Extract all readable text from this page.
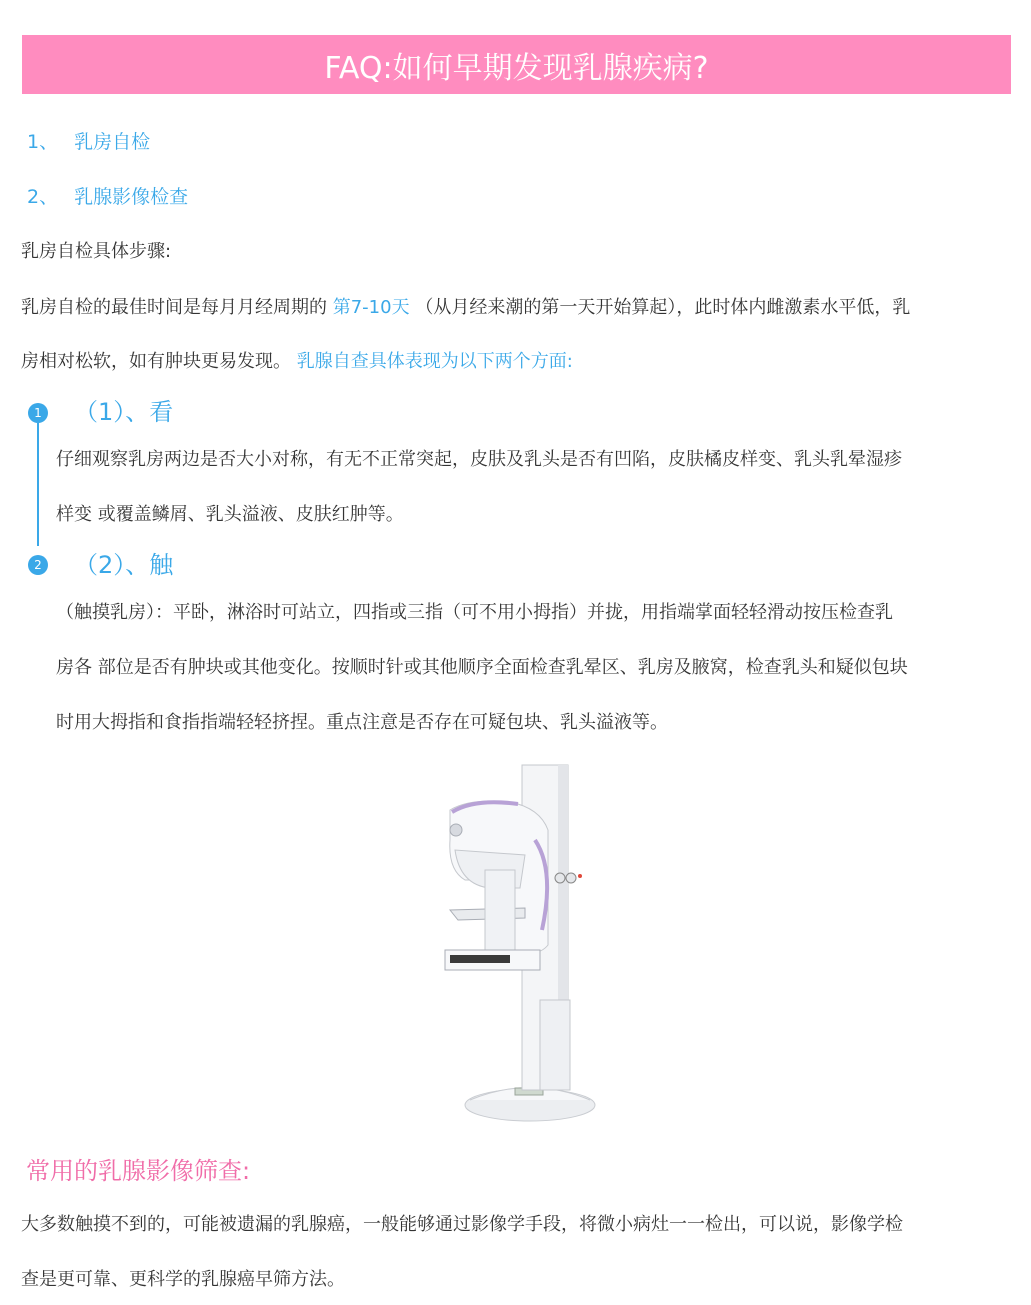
FAQ:如何早期发现乳腺疾病?
1、 乳房自检
2、 乳腺影像检查
乳房自检具体步骤:
乳房自检的最佳时间是每月月经周期的 第7-10天 （从月经来潮的第一天开始算起），此时体内雌激素水平低，乳
房相对松软，如有肿块更易发现。 乳腺自查具体表现为以下两个方面:
1 （1）、看
仔细观察乳房两边是否大小对称，有无不正常突起，皮肤及乳头是否有凹陷，皮肤橘皮样变、乳头乳晕湿疹
样变 或覆盖鳞屑、乳头溢液、皮肤红肿等。
2 （2）、触
（触摸乳房）：平卧，淋浴时可站立，四指或三指（可不用小拇指）并拢，用指端掌面轻轻滑动按压检查乳
房各 部位是否有肿块或其他变化。按顺时针或其他顺序全面检查乳晕区、乳房及腋窝，检查乳头和疑似包块
时用大拇指和食指指端轻轻挤捏。重点注意是否存在可疑包块、乳头溢液等。
常用的乳腺影像筛查:
大多数触摸不到的，可能被遗漏的乳腺癌，一般能够通过影像学手段，将微小病灶一一检出，可以说，影像学检
查是更可靠、更科学的乳腺癌早筛方法。
